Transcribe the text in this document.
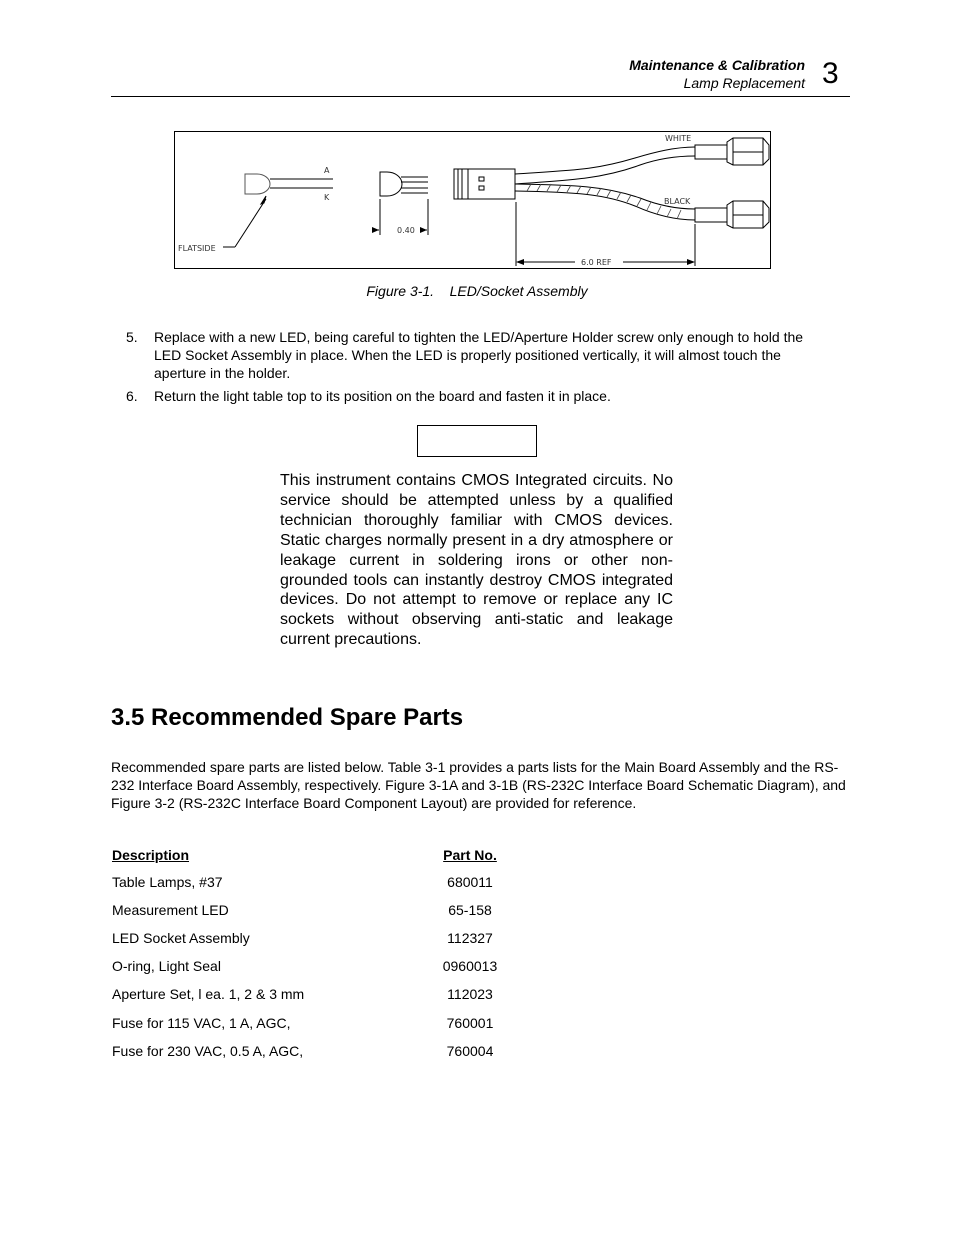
Maintenance & Calibration
Lamp Replacement 3
A
K
FLATSIDE
0.40
WHITE
BLACK
6.0 REF
Figure 3-1.    LED/Socket Assembly
5. Replace with a new LED, being careful to tighten the LED/Aperture Holder screw only enough to hold the LED Socket Assembly in place. When the LED is properly positioned vertically, it will almost touch the aperture in the holder.
6. Return the light table top to its position on the board and fasten it in place.
This instrument contains CMOS Integrated circuits. No service should be attempted unless by a qualified technician thoroughly familiar with CMOS devices. Static charges normally present in a dry atmosphere or leakage current in soldering irons or other non-grounded tools can instantly destroy CMOS integrated devices. Do not attempt to remove or replace any IC sockets without observing anti-static and leakage current precautions.
3.5 Recommended Spare Parts
Recommended spare parts are listed below. Table 3-1 provides a parts lists for the Main Board Assembly and the RS-232 Interface Board Assembly, respectively. Figure 3-1A and 3-1B (RS-232C Interface Board Schematic Diagram), and Figure 3-2 (RS-232C Interface Board Component Layout) are provided for reference.
Description	Part No.
Table Lamps, #37	680011
Measurement LED	65-158
LED Socket Assembly	112327
O-ring, Light Seal	0960013
Aperture Set, l ea. 1, 2 & 3 mm	112023
Fuse for 115 VAC, 1 A, AGC,	760001
Fuse for 230 VAC, 0.5 A, AGC,	760004
